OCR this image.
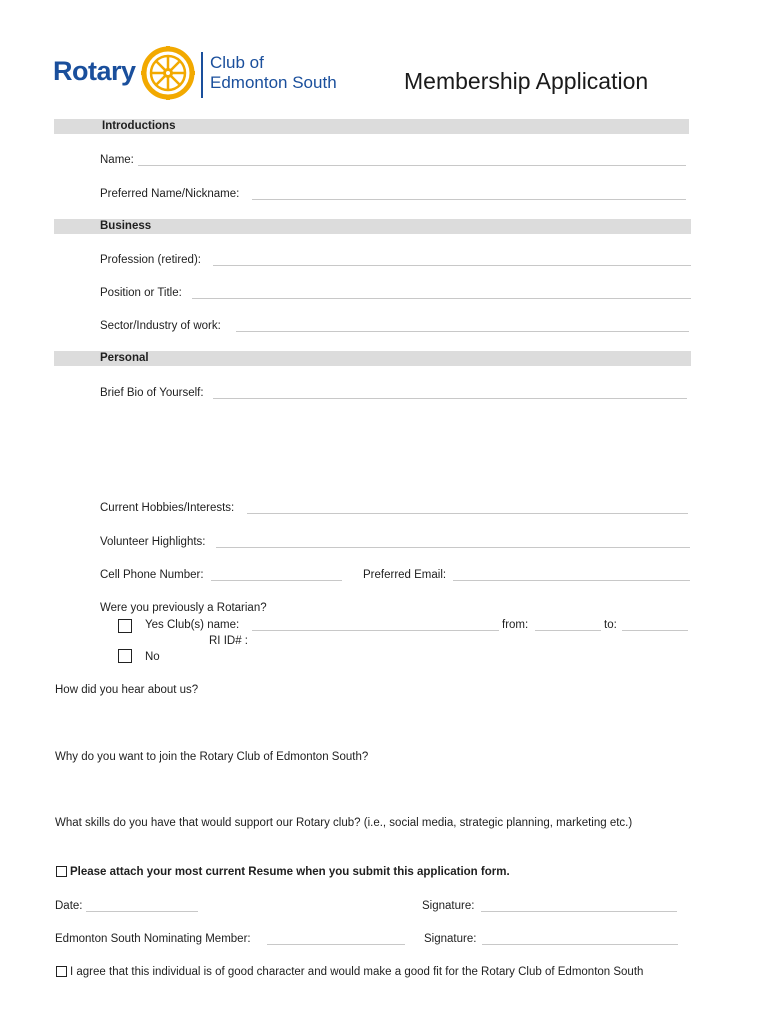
Rotary	Club of
Edmonton South	Membership Application
Introductions
Name:
Preferred Name/Nickname:
Business
Profession (retired):
Position or Title:
Sector/Industry of work:
Personal
Brief Bio of Yourself:
Current Hobbies/Interests:
Volunteer Highlights:
Cell Phone Number:	Preferred Email:
Were you previously a Rotarian?
Yes Club(s) name:	from:	to:
RI ID# :
No
How did you hear about us?
Why do you want to join the Rotary Club of Edmonton South?
What skills do you have that would support our Rotary club? (i.e., social media, strategic planning, marketing etc.)
Please attach your most current Resume when you submit this application form.
Date:	Signature:
Edmonton South Nominating Member:	Signature:
I agree that this individual is of good character and would make a good fit for the Rotary Club of Edmonton South
